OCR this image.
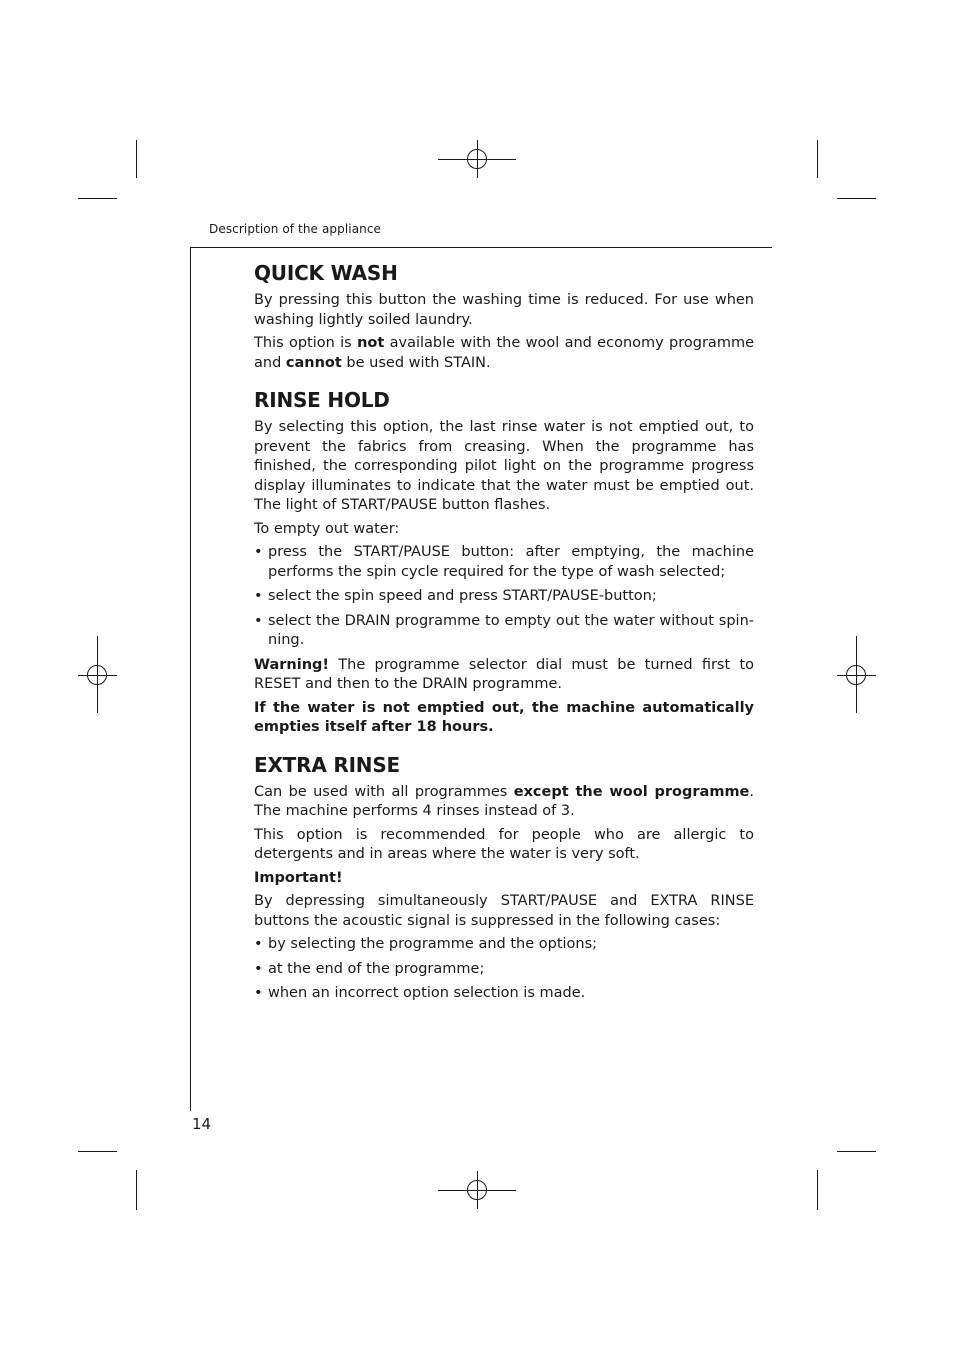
Description of the appliance
14
QUICK WASH

By pressing this button the washing time is reduced. For use when washing lightly soiled laundry.

This option is not available with the wool and economy programme and cannot be used with STAIN.

RINSE HOLD

By selecting this option, the last rinse water is not emptied out, to prevent the fabrics from creasing. When the programme has finished, the corresponding pilot light on the programme progress display illuminates to indicate that the water must be emptied out. The light of START/PAUSE button flashes.

To empty out water:

• press the START/PAUSE button: after emptying, the machine performs the spin cycle required for the type of wash selected;
• select the spin speed and press START/PAUSE-button;
• select the DRAIN programme to empty out the water without spinning.

Warning! The programme selector dial must be turned first to RESET and then to the DRAIN programme.

If the water is not emptied out, the machine automatically empties itself after 18 hours.

EXTRA RINSE

Can be used with all programmes except the wool programme. The machine performs 4 rinses instead of 3.

This option is recommended for people who are allergic to detergents and in areas where the water is very soft.

Important!

By depressing simultaneously START/PAUSE and EXTRA RINSE buttons the acoustic signal is suppressed in the following cases:

• by selecting the programme and the options;
• at the end of the programme;
• when an incorrect option selection is made.
